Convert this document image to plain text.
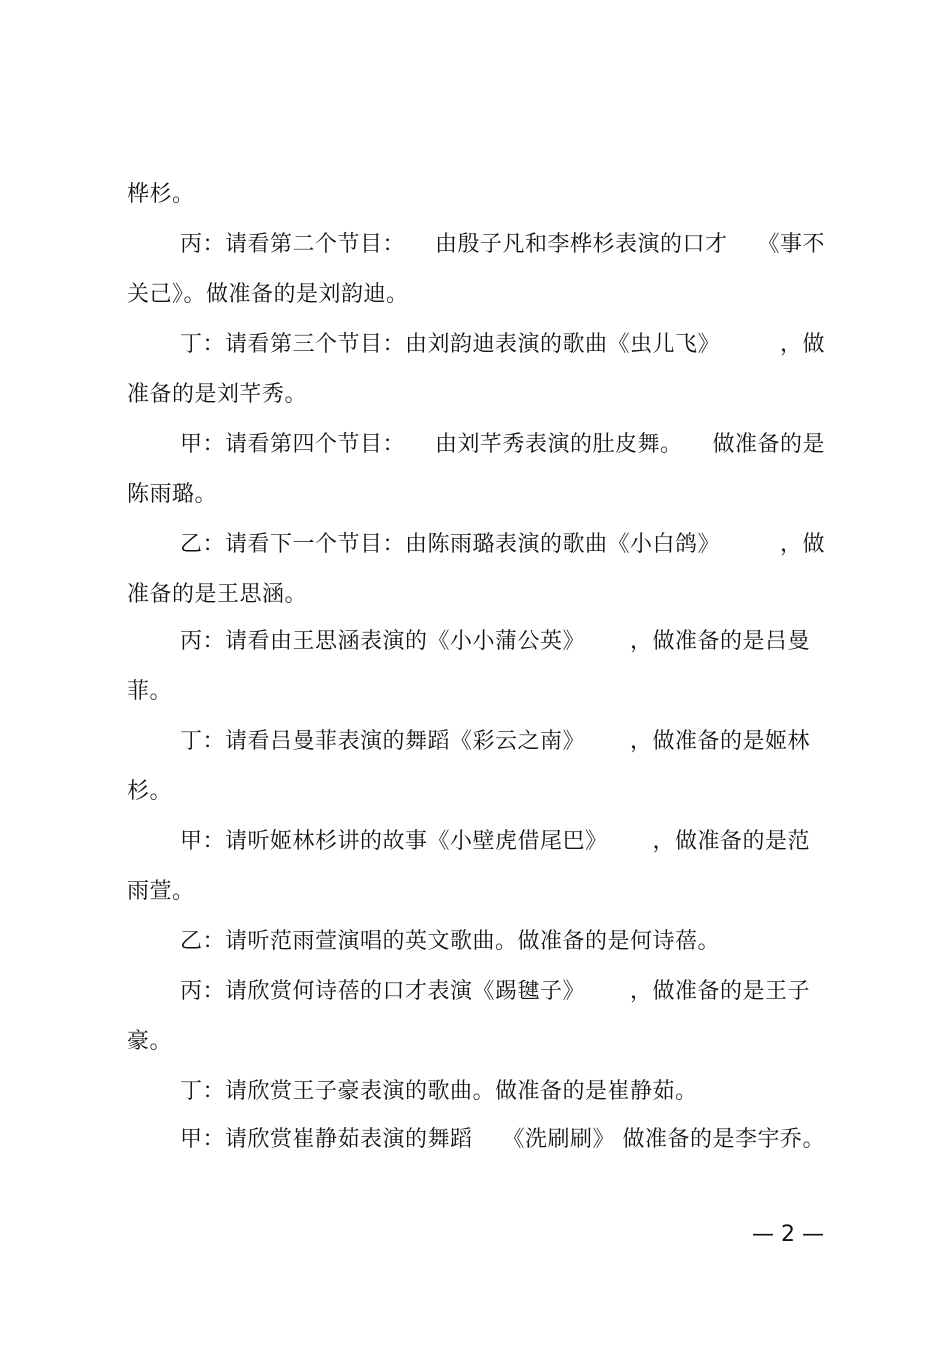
桦杉。
丙：请看第二个节目：    由殷子凡和李桦杉表演的口才    《事不
关己》。做准备的是刘韵迪。
丁：请看第三个节目：由刘韵迪表演的歌曲《虫儿飞》        ，做
准备的是刘芊秀。
甲：请看第四个节目：    由刘芊秀表演的肚皮舞。    做准备的是
陈雨璐。
乙：请看下一个节目：由陈雨璐表演的歌曲《小白鸽》        ，做
准备的是王思涵。
丙：请看由王思涵表演的《小小蒲公英》      ，做准备的是吕曼
菲。
丁：请看吕曼菲表演的舞蹈《彩云之南》      ，做准备的是姬林
杉。
甲：请听姬林杉讲的故事《小壁虎借尾巴》      ，做准备的是范
雨萱。
乙：请听范雨萱演唱的英文歌曲。做准备的是何诗蓓。
丙：请欣赏何诗蓓的口才表演《踢毽子》      ，做准备的是王子
豪。
丁：请欣赏王子豪表演的歌曲。做准备的是崔静茹。
甲：请欣赏崔静茹表演的舞蹈    《洗刷刷》 做准备的是李宇乔。
— 2 —
